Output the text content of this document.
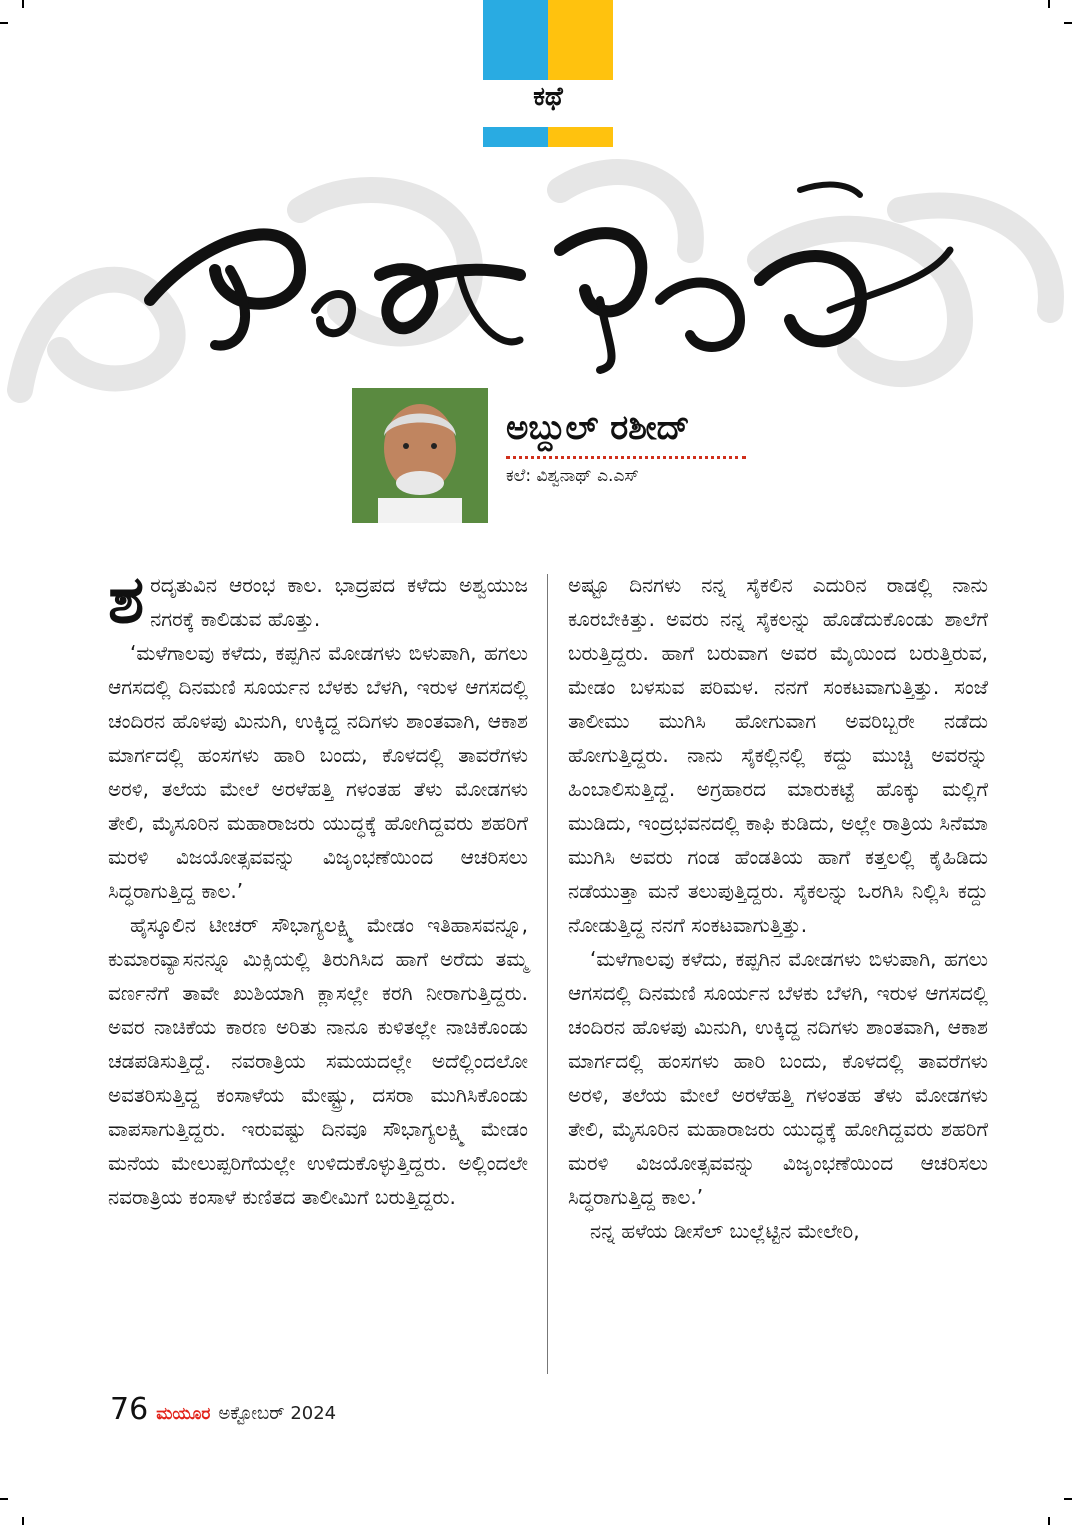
ಕಥೆ
ಅಬ್ದುಲ್ ರಶೀದ್
ಕಲೆ: ವಿಶ್ವನಾಥ್ ಎ.ಎಸ್

ಶರದೃತುವಿನ ಆರಂಭ ಕಾಲ. ಭಾದ್ರಪದ ಕಳೆದು ಅಶ್ವಯುಜ ನಗರಕ್ಕೆ ಕಾಲಿಡುವ ಹೊತ್ತು.

‘ಮಳೆಗಾಲವು ಕಳೆದು, ಕಪ್ಪಗಿನ ಮೋಡಗಳು ಬಿಳುಪಾಗಿ, ಹಗಲು ಆಗಸದಲ್ಲಿ ದಿನಮಣಿ ಸೂರ್ಯನ ಬೆಳಕು ಬೆಳಗಿ, ಇರುಳ ಆಗಸದಲ್ಲಿ ಚಂದಿರನ ಹೊಳಪು ಮಿನುಗಿ, ಉಕ್ಕಿದ್ದ ನದಿಗಳು ಶಾಂತವಾಗಿ, ಆಕಾಶ ಮಾರ್ಗದಲ್ಲಿ ಹಂಸಗಳು ಹಾರಿ ಬಂದು, ಕೊಳದಲ್ಲಿ ತಾವರೆಗಳು ಅರಳಿ, ತಲೆಯ ಮೇಲೆ ಅರಳೆಹತ್ತಿ ಗಳಂತಹ ತೆಳು ಮೋಡಗಳು ತೇಲಿ, ಮೈಸೂರಿನ ಮಹಾರಾಜರು ಯುದ್ಧಕ್ಕೆ ಹೋಗಿದ್ದವರು ಶಹರಿಗೆ ಮರಳಿ ವಿಜಯೋತ್ಸವವನ್ನು ವಿಜೃಂಭಣೆಯಿಂದ ಆಚರಿಸಲು ಸಿದ್ಧರಾಗುತ್ತಿದ್ದ ಕಾಲ.’

ಹೈಸ್ಕೂಲಿನ ಟೀಚರ್ ಸೌಭಾಗ್ಯಲಕ್ಷ್ಮಿ ಮೇಡಂ ಇತಿಹಾಸವನ್ನೂ, ಕುಮಾರವ್ಯಾಸನನ್ನೂ ಮಿಕ್ಸಿಯಲ್ಲಿ ತಿರುಗಿಸಿದ ಹಾಗೆ ಅರೆದು ತಮ್ಮ ವರ್ಣನೆಗೆ ತಾವೇ ಖುಶಿಯಾಗಿ ಕ್ಲಾಸಲ್ಲೇ ಕರಗಿ ನೀರಾಗುತ್ತಿದ್ದರು. ಅವರ ನಾಚಿಕೆಯ ಕಾರಣ ಅರಿತು ನಾನೂ ಕುಳಿತಲ್ಲೇ ನಾಚಿಕೊಂಡು ಚಡಪಡಿಸುತ್ತಿದ್ದೆ. ನವರಾತ್ರಿಯ ಸಮಯದಲ್ಲೇ ಅದೆಲ್ಲಿಂದಲೋ ಅವತರಿಸುತ್ತಿದ್ದ ಕಂಸಾಳೆಯ ಮೇಷ್ಟ್ರು, ದಸರಾ ಮುಗಿಸಿಕೊಂಡು ವಾಪಸಾಗುತ್ತಿದ್ದರು. ಇರುವಷ್ಟು ದಿನವೂ ಸೌಭಾಗ್ಯಲಕ್ಷ್ಮಿ ಮೇಡಂ ಮನೆಯ ಮೇಲುಪ್ಪರಿಗೆಯಲ್ಲೇ ಉಳಿದುಕೊಳ್ಳುತ್ತಿದ್ದರು. ಅಲ್ಲಿಂದಲೇ ನವರಾತ್ರಿಯ ಕಂಸಾಳೆ ಕುಣಿತದ ತಾಲೀಮಿಗೆ ಬರುತ್ತಿದ್ದರು.

ಅಷ್ಟೂ ದಿನಗಳು ನನ್ನ ಸೈಕಲಿನ ಎದುರಿನ ರಾಡಲ್ಲಿ ನಾನು ಕೂರಬೇಕಿತ್ತು. ಅವರು ನನ್ನ ಸೈಕಲನ್ನು ಹೊಡೆದುಕೊಂಡು ಶಾಲೆಗೆ ಬರುತ್ತಿದ್ದರು. ಹಾಗೆ ಬರುವಾಗ ಅವರ ಮೈಯಿಂದ ಬರುತ್ತಿರುವ, ಮೇಡಂ ಬಳಸುವ ಪರಿಮಳ. ನನಗೆ ಸಂಕಟವಾಗುತ್ತಿತ್ತು. ಸಂಜೆ ತಾಲೀಮು ಮುಗಿಸಿ ಹೋಗುವಾಗ ಅವರಿಬ್ಬರೇ ನಡೆದು ಹೋಗುತ್ತಿದ್ದರು. ನಾನು ಸೈಕಲ್ಲಿನಲ್ಲಿ ಕದ್ದು ಮುಚ್ಚಿ ಅವರನ್ನು ಹಿಂಬಾಲಿಸುತ್ತಿದ್ದೆ. ಅಗ್ರಹಾರದ ಮಾರುಕಟ್ಟೆ ಹೊಕ್ಕು ಮಲ್ಲಿಗೆ ಮುಡಿದು, ಇಂದ್ರಭವನದಲ್ಲಿ ಕಾಫಿ ಕುಡಿದು, ಅಲ್ಲೇ ರಾತ್ರಿಯ ಸಿನೆಮಾ ಮುಗಿಸಿ ಅವರು ಗಂಡ ಹೆಂಡತಿಯ ಹಾಗೆ ಕತ್ತಲಲ್ಲಿ ಕೈಹಿಡಿದು ನಡೆಯುತ್ತಾ ಮನೆ ತಲುಪುತ್ತಿದ್ದರು. ಸೈಕಲನ್ನು ಒರಗಿಸಿ ನಿಲ್ಲಿಸಿ ಕದ್ದು ನೋಡುತ್ತಿದ್ದ ನನಗೆ ಸಂಕಟವಾಗುತ್ತಿತ್ತು.

‘ಮಳೆಗಾಲವು ಕಳೆದು, ಕಪ್ಪಗಿನ ಮೋಡಗಳು ಬಿಳುಪಾಗಿ, ಹಗಲು ಆಗಸದಲ್ಲಿ ದಿನಮಣಿ ಸೂರ್ಯನ ಬೆಳಕು ಬೆಳಗಿ, ಇರುಳ ಆಗಸದಲ್ಲಿ ಚಂದಿರನ ಹೊಳಪು ಮಿನುಗಿ, ಉಕ್ಕಿದ್ದ ನದಿಗಳು ಶಾಂತವಾಗಿ, ಆಕಾಶ ಮಾರ್ಗದಲ್ಲಿ ಹಂಸಗಳು ಹಾರಿ ಬಂದು, ಕೊಳದಲ್ಲಿ ತಾವರೆಗಳು ಅರಳಿ, ತಲೆಯ ಮೇಲೆ ಅರಳೆಹತ್ತಿ ಗಳಂತಹ ತೆಳು ಮೋಡಗಳು ತೇಲಿ, ಮೈಸೂರಿನ ಮಹಾರಾಜರು ಯುದ್ಧಕ್ಕೆ ಹೋಗಿದ್ದವರು ಶಹರಿಗೆ ಮರಳಿ ವಿಜಯೋತ್ಸವವನ್ನು ವಿಜೃಂಭಣೆಯಿಂದ ಆಚರಿಸಲು ಸಿದ್ಧರಾಗುತ್ತಿದ್ದ ಕಾಲ.’

ನನ್ನ ಹಳೆಯ ಡೀಸೆಲ್ ಬುಲ್ಲೆಟ್ಟಿನ ಮೇಲೇರಿ,

76 ಮಯೂರ ಅಕ್ಟೋಬರ್ 2024
